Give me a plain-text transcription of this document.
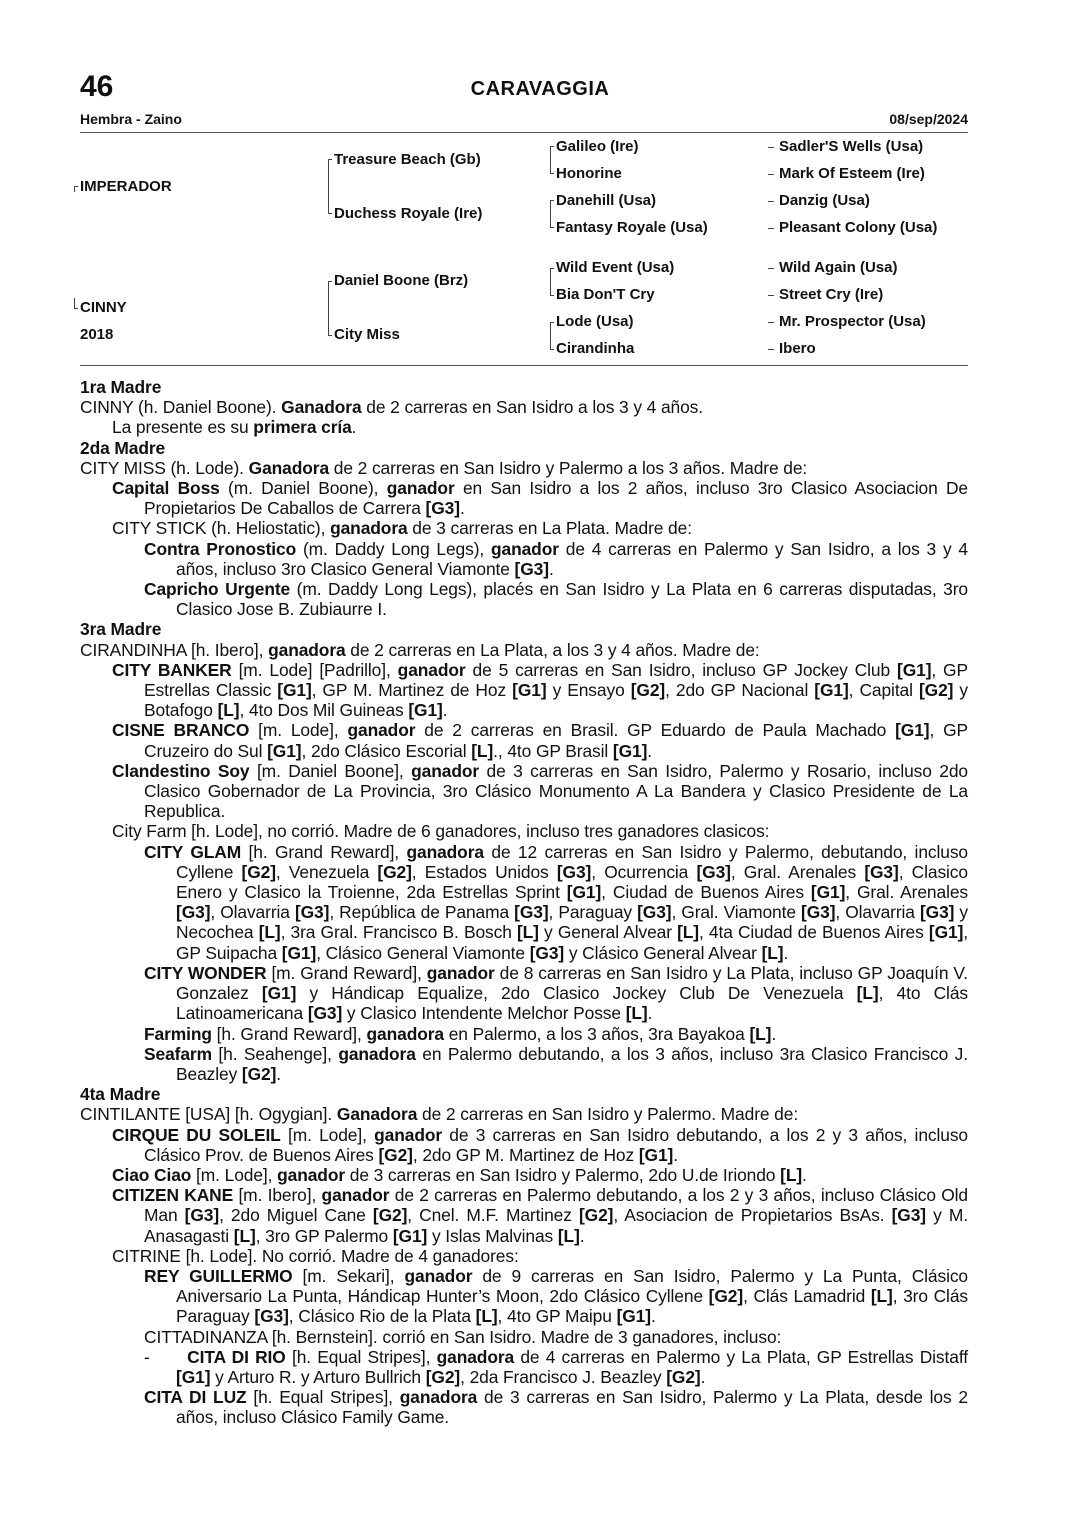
46	CARAVAGGIA
Hembra - Zaino	08/sep/2024
IMPERADOR
CINNY
2018
Treasure Beach (Gb)
Duchess Royale (Ire)
Daniel Boone (Brz)
City Miss
Galileo (Ire)
Honorine
Danehill (Usa)
Fantasy Royale (Usa)
Wild Event (Usa)
Bia Don'T Cry
Lode (Usa)
Cirandinha
Sadler'S Wells (Usa)
Mark Of Esteem (Ire)
Danzig (Usa)
Pleasant Colony (Usa)
Wild Again (Usa)
Street Cry (Ire)
Mr. Prospector (Usa)
Ibero

1ra Madre

CINNY (h. Daniel Boone). Ganadora de 2 carreras en San Isidro a los 3 y 4 años.

La presente es su primera cría.

2da Madre

CITY MISS (h. Lode). Ganadora de 2 carreras en San Isidro y Palermo a los 3 años. Madre de:

Capital Boss (m. Daniel Boone), ganador en San Isidro a los 2 años, incluso 3ro Clasico Asociacion De Propietarios De Caballos de Carrera [G3].

CITY STICK (h. Heliostatic), ganadora de 3 carreras en La Plata. Madre de:

Contra Pronostico (m. Daddy Long Legs), ganador de 4 carreras en Palermo y San Isidro, a los 3 y 4 años, incluso 3ro Clasico General Viamonte [G3].

Capricho Urgente (m. Daddy Long Legs), placés en San Isidro y La Plata en 6 carreras disputadas, 3ro Clasico Jose B. Zubiaurre I.

3ra Madre

CIRANDINHA [h. Ibero], ganadora de 2 carreras en La Plata, a los 3 y 4 años. Madre de:

CITY BANKER [m. Lode] [Padrillo], ganador de 5 carreras en San Isidro, incluso GP Jockey Club [G1], GP Estrellas Classic [G1], GP M. Martinez de Hoz [G1] y Ensayo [G2], 2do GP Nacional [G1], Capital [G2] y Botafogo [L], 4to Dos Mil Guineas [G1].

CISNE BRANCO [m. Lode], ganador de 2 carreras en Brasil. GP Eduardo de Paula Machado [G1], GP Cruzeiro do Sul [G1], 2do Clásico Escorial [L]., 4to GP Brasil [G1].

Clandestino Soy [m. Daniel Boone], ganador de 3 carreras en San Isidro, Palermo y Rosario, incluso 2do Clasico Gobernador de La Provincia, 3ro Clásico Monumento A La Bandera y Clasico Presidente de La Republica.

City Farm [h. Lode], no corrió. Madre de 6 ganadores, incluso tres ganadores clasicos:

CITY GLAM [h. Grand Reward], ganadora de 12 carreras en San Isidro y Palermo, debutando, incluso Cyllene [G2], Venezuela [G2], Estados Unidos [G3], Ocurrencia [G3], Gral. Arenales [G3], Clasico Enero y Clasico la Troienne, 2da Estrellas Sprint [G1], Ciudad de Buenos Aires [G1], Gral. Arenales [G3], Olavarria [G3], República de Panama [G3], Paraguay [G3], Gral. Viamonte [G3], Olavarria [G3] y Necochea [L], 3ra Gral. Francisco B. Bosch [L] y General Alvear [L], 4ta Ciudad de Buenos Aires [G1], GP Suipacha [G1], Clásico General Viamonte [G3] y Clásico General Alvear [L].

CITY WONDER [m. Grand Reward], ganador de 8 carreras en San Isidro y La Plata, incluso GP Joaquín V. Gonzalez [G1] y Hándicap Equalize, 2do Clasico Jockey Club De Venezuela [L], 4to Clás Latinoamericana [G3] y Clasico Intendente Melchor Posse [L].

Farming [h. Grand Reward], ganadora en Palermo, a los 3 años, 3ra Bayakoa [L].

Seafarm [h. Seahenge], ganadora en Palermo debutando, a los 3 años, incluso 3ra Clasico Francisco J. Beazley [G2].

4ta Madre

CINTILANTE [USA] [h. Ogygian]. Ganadora de 2 carreras en San Isidro y Palermo. Madre de:

CIRQUE DU SOLEIL [m. Lode], ganador de 3 carreras en San Isidro debutando, a los 2 y 3 años, incluso Clásico Prov. de Buenos Aires [G2], 2do GP M. Martinez de Hoz [G1].

Ciao Ciao [m. Lode], ganador de 3 carreras en San Isidro y Palermo, 2do U.de Iriondo [L].

CITIZEN KANE [m. Ibero], ganador de 2 carreras en Palermo debutando, a los 2 y 3 años, incluso Clásico Old Man [G3], 2do Miguel Cane [G2], Cnel. M.F. Martinez [G2], Asociacion de Propietarios BsAs. [G3] y M. Anasagasti [L], 3ro GP Palermo [G1] y Islas Malvinas [L].

CITRINE [h. Lode]. No corrió. Madre de 4 ganadores:

REY GUILLERMO [m. Sekari], ganador de 9 carreras en San Isidro, Palermo y La Punta, Clásico Aniversario La Punta, Hándicap Hunter’s Moon, 2do Clásico Cyllene [G2], Clás Lamadrid [L], 3ro Clás Paraguay [G3], Clásico Rio de la Plata [L], 4to GP Maipu [G1].

CITTADINANZA [h. Bernstein]. corrió en San Isidro. Madre de 3 ganadores, incluso:

-      CITA DI RIO [h. Equal Stripes], ganadora de 4 carreras en Palermo y La Plata, GP Estrellas Distaff [G1] y Arturo R. y Arturo Bullrich [G2], 2da Francisco J. Beazley [G2].

CITA DI LUZ [h. Equal Stripes], ganadora de 3 carreras en San Isidro, Palermo y La Plata, desde los 2 años, incluso Clásico Family Game.
